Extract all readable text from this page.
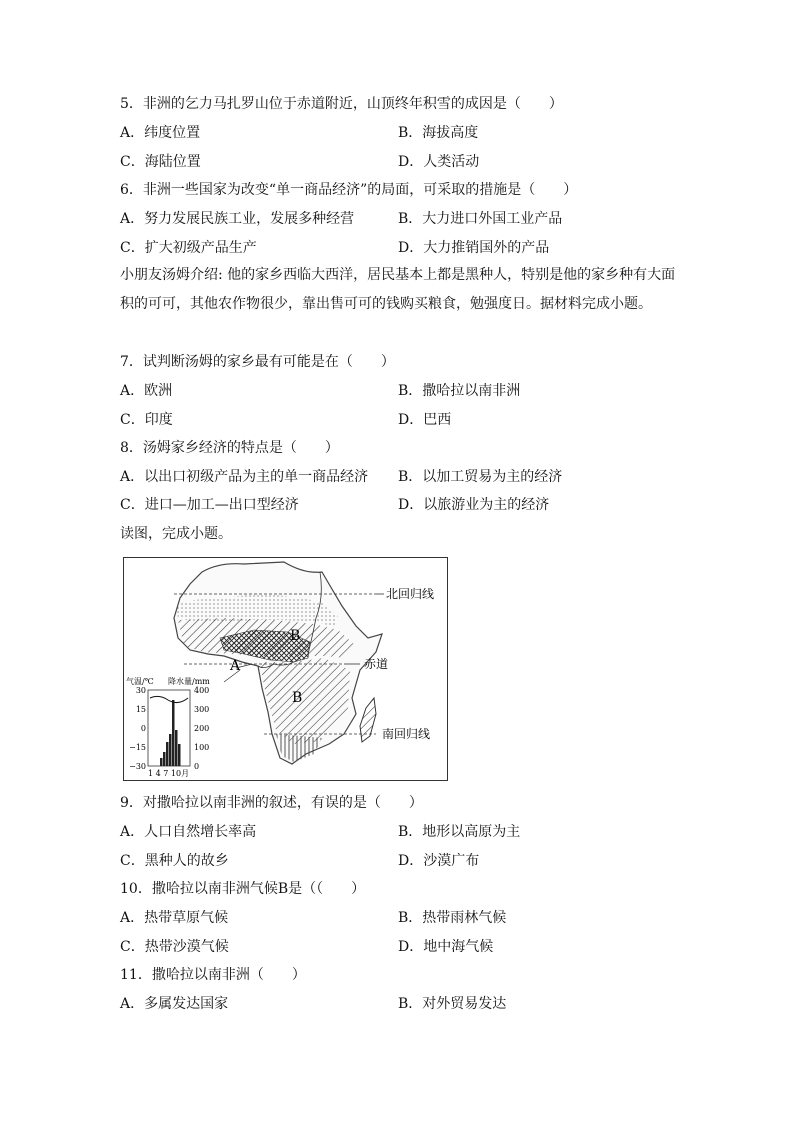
5．非洲的乞力马扎罗山位于赤道附近，山顶终年积雪的成因是（　　）
A．纬度位置	B．海拔高度
C．海陆位置	D．人类活动
6．非洲一些国家为改变“单一商品经济”的局面，可采取的措施是（　　）
A．努力发展民族工业，发展多种经营	B．大力进口外国工业产品
C．扩大初级产品生产	D．大力推销国外的产品
小朋友汤姆介绍: 他的家乡西临大西洋，居民基本上都是黑种人，特别是他的家乡种有大面积的可可，其他农作物很少，靠出售可可的钱购买粮食，勉强度日。据材料完成小题。
7．试判断汤姆的家乡最有可能是在（　　）
A．欧洲	B．撒哈拉以南非洲
C．印度	D．巴西
8．汤姆家乡经济的特点是（　　）
A．以出口初级产品为主的单一商品经济 B．以加工贸易为主的经济
C．进口—加工—出口型经济	D．以旅游业为主的经济
读图，完成小题。
北回归线
赤道
南回归线
A
B
B
气温/℃ 降水量/mm
30
15
0
−15
−30
400
300
200
100
0
1 4 7 10月
9．对撒哈拉以南非洲的叙述，有误的是（　　）
A．人口自然增长率高	B．地形以高原为主
C．黑种人的故乡	D．沙漠广布
10．撒哈拉以南非洲气候B是（（　　）
A．热带草原气候	B．热带雨林气候
C．热带沙漠气候	D．地中海气候
11．撒哈拉以南非洲（　　）
A．多属发达国家	B．对外贸易发达
